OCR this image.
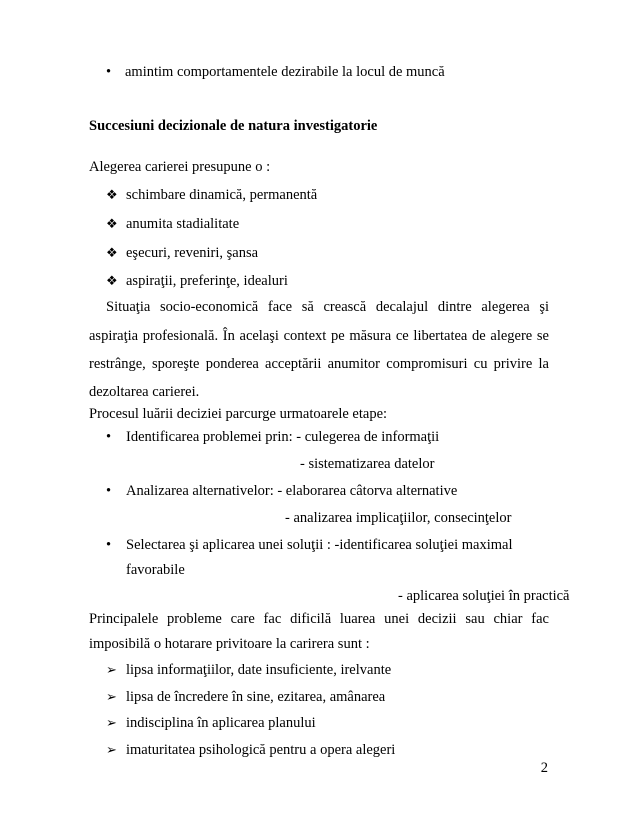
• amintim comportamentele dezirabile la locul de muncă
Succesiuni decizionale de natura investigatorie
Alegerea carierei presupune o :
❖ schimbare dinamică, permanentă
❖ anumita stadialitate
❖ eşecuri, reveniri, şansa
❖ aspiraţii, preferinţe, idealuri
Situaţia socio-economică face să crească decalajul dintre alegerea şi
aspiraţia profesională. În acelaşi context pe măsura ce libertatea de alegere se
restrânge, sporeşte ponderea acceptării anumitor compromisuri cu privire la
dezoltarea carierei.
Procesul luării deciziei parcurge urmatoarele etape:
• Identificarea problemei prin: - culegerea de informaţii
- sistematizarea datelor
• Analizarea alternativelor: - elaborarea câtorva alternative
- analizarea implicaţiilor, consecinţelor
• Selectarea şi aplicarea unei soluţii : -identificarea soluţiei maximal
favorabile
- aplicarea soluţiei în practică
Principalele probleme care fac dificilă luarea unei decizii sau chiar fac
imposibilă o hotarare privitoare la carirera sunt :
➢ lipsa informaţiilor, date insuficiente, irelvante
➢ lipsa de încredere în sine, ezitarea, amânarea
➢ indisciplina în aplicarea planului
➢ imaturitatea psihologică pentru a opera alegeri
2
